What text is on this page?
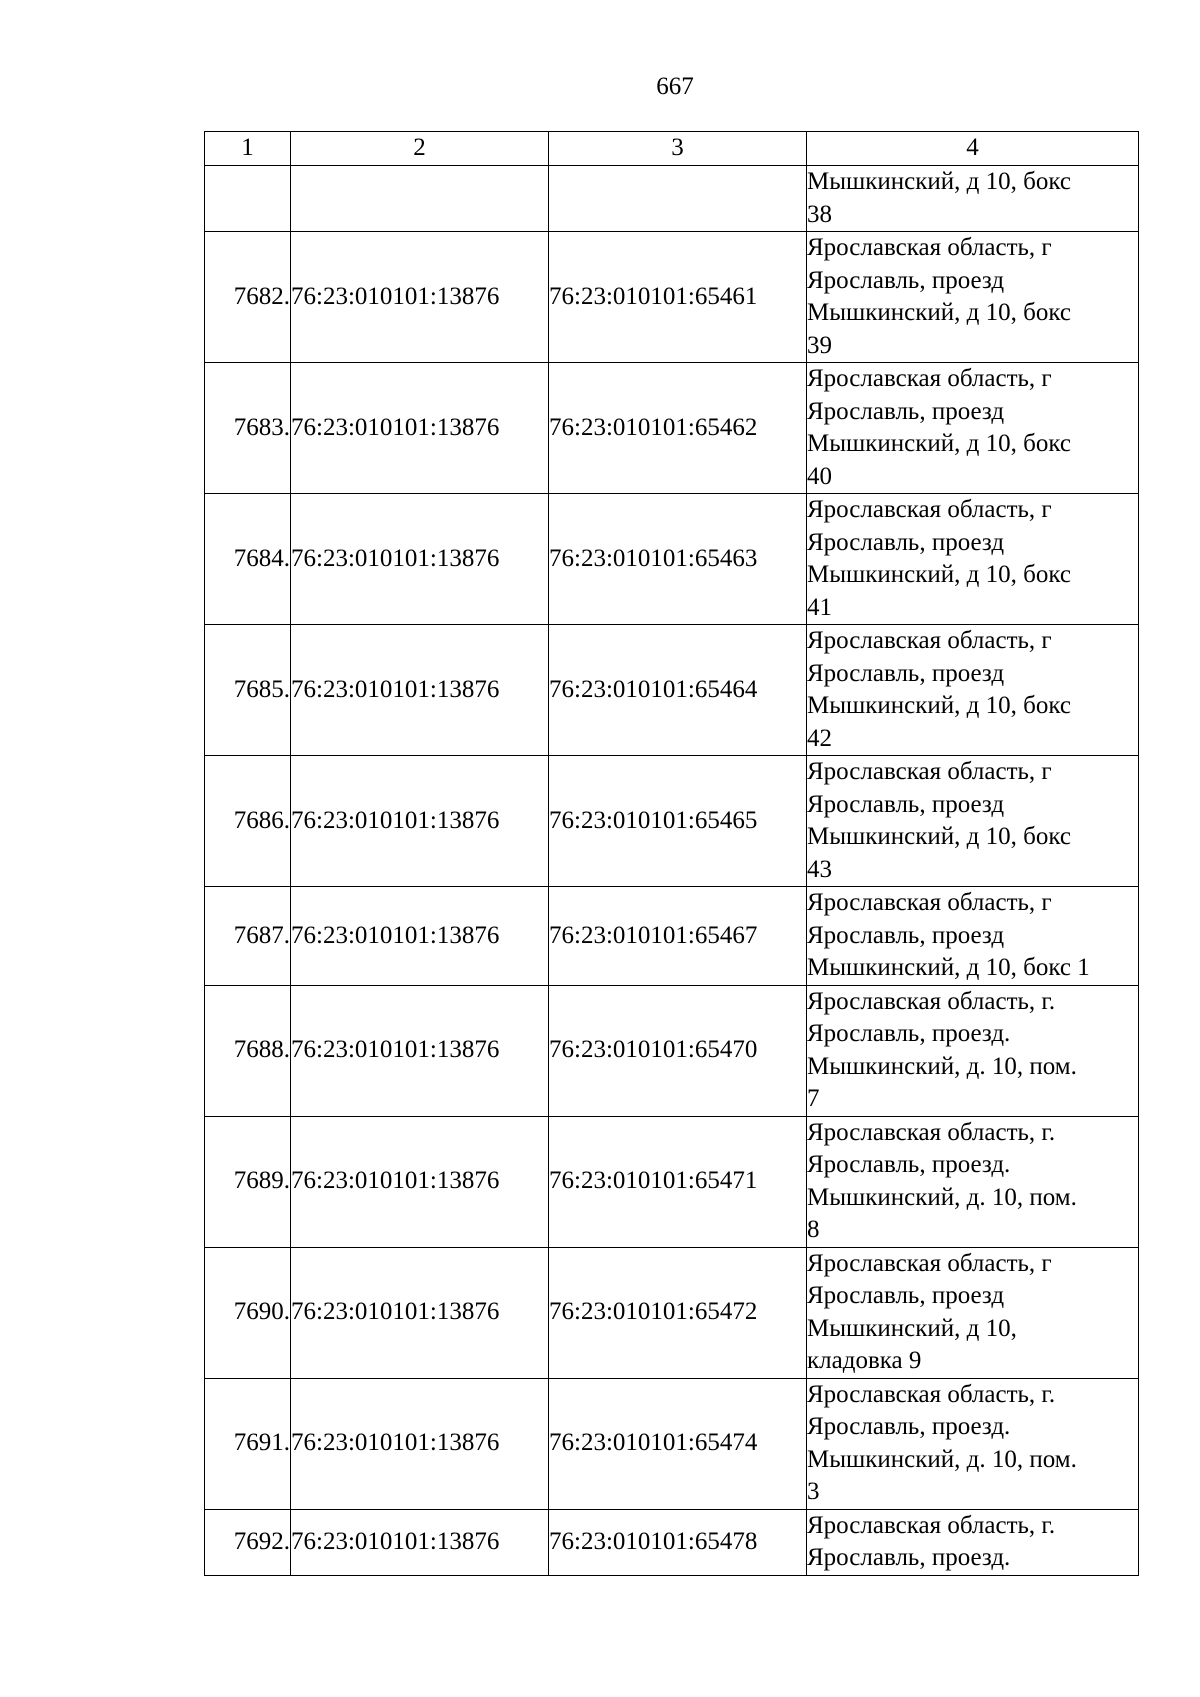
667
1	2	3	4

			Мышкинский, д 10, бокс
38

7682.	76:23:010101:13876	76:23:010101:65461	Ярославская область, г
Ярославль, проезд
Мышкинский, д 10, бокс
39

7683.	76:23:010101:13876	76:23:010101:65462	Ярославская область, г
Ярославль, проезд
Мышкинский, д 10, бокс
40

7684.	76:23:010101:13876	76:23:010101:65463	Ярославская область, г
Ярославль, проезд
Мышкинский, д 10, бокс
41

7685.	76:23:010101:13876	76:23:010101:65464	Ярославская область, г
Ярославль, проезд
Мышкинский, д 10, бокс
42

7686.	76:23:010101:13876	76:23:010101:65465	Ярославская область, г
Ярославль, проезд
Мышкинский, д 10, бокс
43

7687.	76:23:010101:13876	76:23:010101:65467	Ярославская область, г
Ярославль, проезд
Мышкинский, д 10, бокс 1

7688.	76:23:010101:13876	76:23:010101:65470	Ярославская область, г.
Ярославль, проезд.
Мышкинский, д. 10, пом.
7

7689.	76:23:010101:13876	76:23:010101:65471	Ярославская область, г.
Ярославль, проезд.
Мышкинский, д. 10, пом.
8

7690.	76:23:010101:13876	76:23:010101:65472	Ярославская область, г
Ярославль, проезд
Мышкинский, д 10,
кладовка 9

7691.	76:23:010101:13876	76:23:010101:65474	Ярославская область, г.
Ярославль, проезд.
Мышкинский, д. 10, пом.
3

7692.	76:23:010101:13876	76:23:010101:65478	Ярославская область, г.
Ярославль, проезд.
